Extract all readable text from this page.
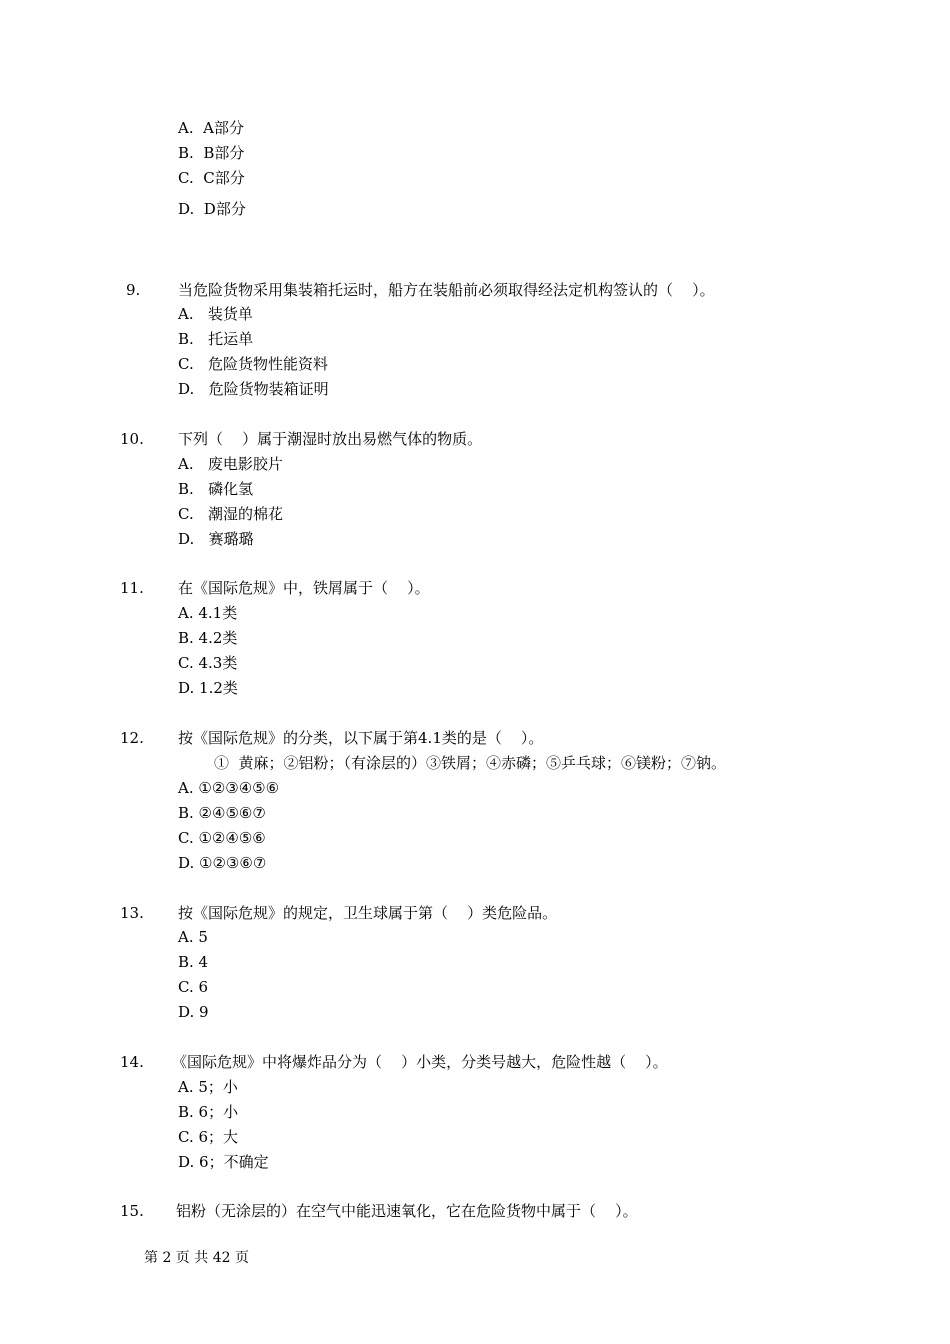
A.  A部分
B.  B部分
C.  C部分
D.  D部分
9.	当危险货物采用集装箱托运时，船方在装船前必须取得经法定机构签认的（    ）。
A.   装货单
B.   托运单
C.   危险货物性能资料
D.   危险货物装箱证明
10. 下列（    ）属于潮湿时放出易燃气体的物质。
A.   废电影胶片
B.   磷化氢
C.   潮湿的棉花
D.   赛璐璐
11. 在《国际危规》中，铁屑属于（    ）。
A. 4.1类
B. 4.2类
C. 4.3类
D. 1.2类
12. 按《国际危规》的分类，以下属于第4.1类的是（    ）。
①  黄麻；②铝粉；（有涂层的）③铁屑；④赤磷；⑤乒乓球；⑥镁粉；⑦钠。
A. ①②③④⑤⑥
B. ②④⑤⑥⑦
C. ①②④⑤⑥
D. ①②③⑥⑦
13. 按《国际危规》的规定，卫生球属于第（    ）类危险品。
A. 5
B. 4
C. 6
D. 9
14. 《国际危规》中将爆炸品分为（    ）小类，分类号越大，危险性越（    ）。
A. 5；小
B. 6；小
C. 6；大
D. 6；不确定
15. 铝粉（无涂层的）在空气中能迅速氧化，它在危险货物中属于（    ）。
第 2 页 共 42 页
